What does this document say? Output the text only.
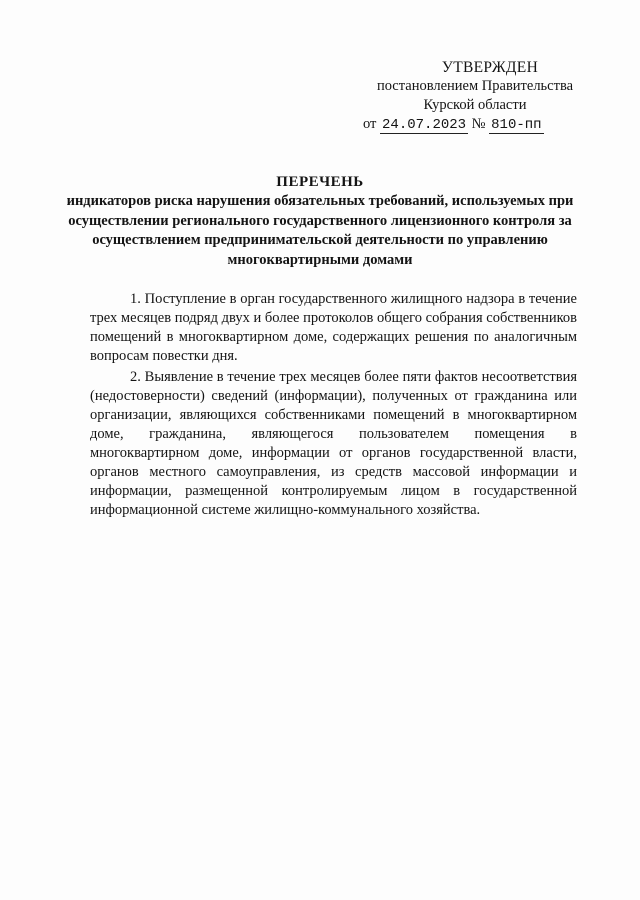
УТВЕРЖДЕН
постановлением Правительства
Курской области
от 24.07.2023 № 810-пп
ПЕРЕЧЕНЬ
индикаторов риска нарушения обязательных требований, используемых при осуществлении регионального государственного лицензионного контроля за осуществлением предпринимательской деятельности по управлению многоквартирными домами

1. Поступление в орган государственного жилищного надзора в течение трех месяцев подряд двух и более протоколов общего собрания собственников помещений в многоквартирном доме, содержащих решения по аналогичным вопросам повестки дня.

2. Выявление в течение трех месяцев более пяти фактов несоответствия (недостоверности) сведений (информации), полученных от гражданина или организации, являющихся собственниками помещений в многоквартирном доме, гражданина, являющегося пользователем помещения в многоквартирном доме, информации от органов государственной власти, органов местного самоуправления, из средств массовой информации и информации, размещенной контролируемым лицом в государственной информационной системе жилищно-коммунального хозяйства.
